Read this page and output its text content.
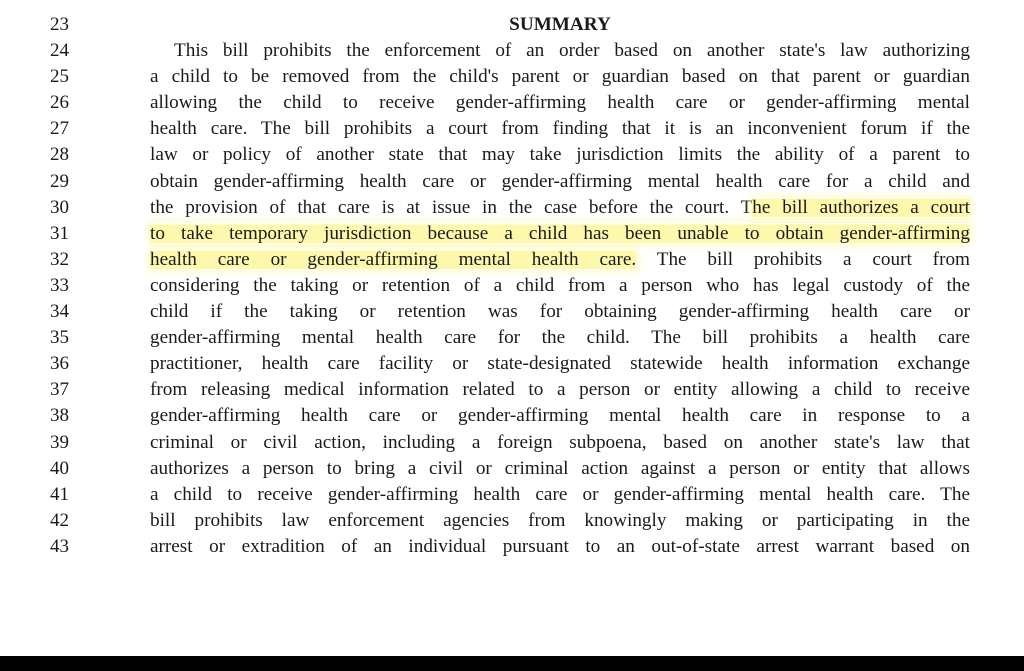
23	SUMMARY
24	This bill prohibits the enforcement of an order based on another state's law authorizing
25	a child to be removed from the child's parent or guardian based on that parent or guardian
26	allowing the child to receive gender-affirming health care or gender-affirming mental
27	health care. The bill prohibits a court from finding that it is an inconvenient forum if the
28	law or policy of another state that may take jurisdiction limits the ability of a parent to
29	obtain gender-affirming health care or gender-affirming mental health care for a child and
30	the provision of that care is at issue in the case before the court. The bill authorizes a court
31	to take temporary jurisdiction because a child has been unable to obtain gender-affirming
32	health care or gender-affirming mental health care. The bill prohibits a court from
33	considering the taking or retention of a child from a person who has legal custody of the
34	child if the taking or retention was for obtaining gender-affirming health care or
35	gender-affirming mental health care for the child. The bill prohibits a health care
36	practitioner, health care facility or state-designated statewide health information exchange
37	from releasing medical information related to a person or entity allowing a child to receive
38	gender-affirming health care or gender-affirming mental health care in response to a
39	criminal or civil action, including a foreign subpoena, based on another state's law that
40	authorizes a person to bring a civil or criminal action against a person or entity that allows
41	a child to receive gender-affirming health care or gender-affirming mental health care. The
42	bill prohibits law enforcement agencies from knowingly making or participating in the
43	arrest or extradition of an individual pursuant to an out-of-state arrest warrant based on
